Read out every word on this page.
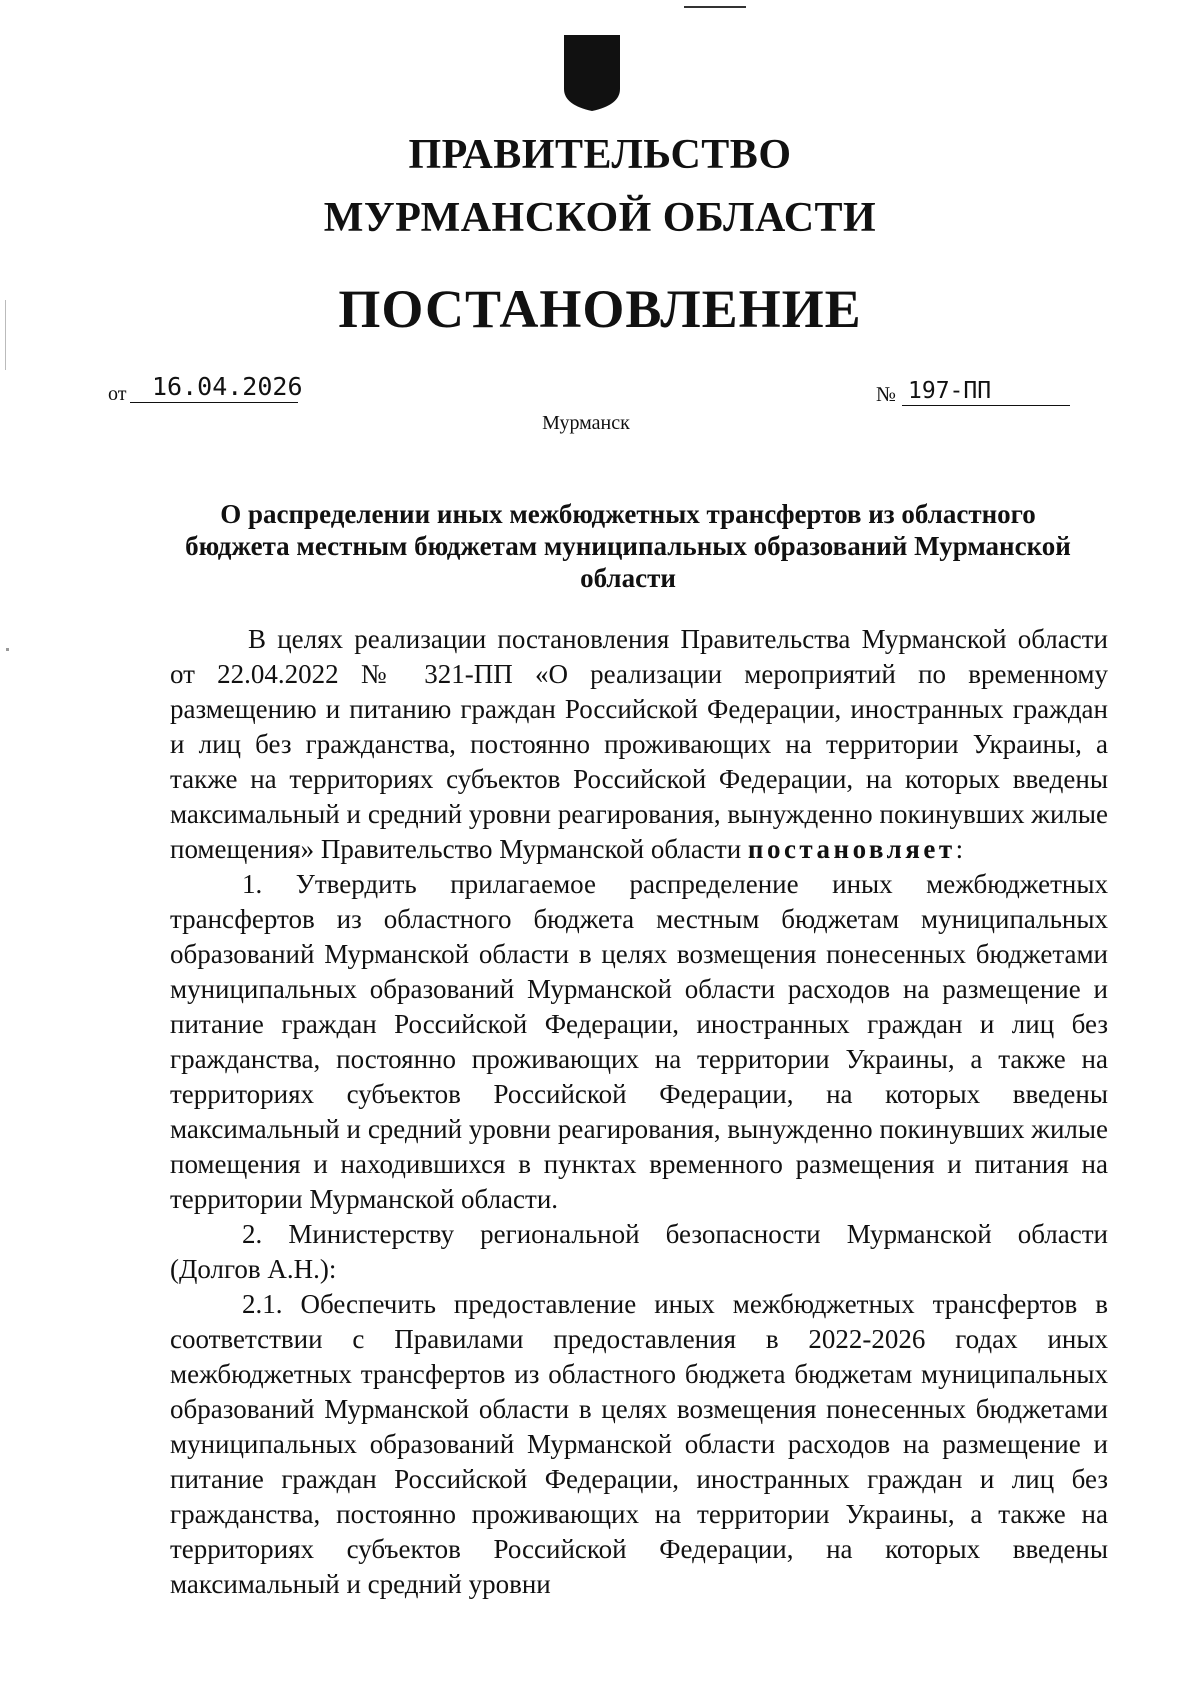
ПРАВИТЕЛЬСТВО
МУРМАНСКОЙ ОБЛАСТИ
ПОСТАНОВЛЕНИЕ
от	16.04.2026	№ 197-ПП
Мурманск
О распределении иных межбюджетных трансфертов из областного бюджета местным бюджетам муниципальных образований Мурманской области

В целях реализации постановления Правительства Мурманской области от 22.04.2022 № 321-ПП «О реализации мероприятий по временному размещению и питанию граждан Российской Федерации, иностранных граждан и лиц без гражданства, постоянно проживающих на территории Украины, а также на территориях субъектов Российской Федерации, на которых введены максимальный и средний уровни реагирования, вынужденно покинувших жилые помещения» Правительство Мурманской области постановляет:

1. Утвердить прилагаемое распределение иных межбюджетных трансфертов из областного бюджета местным бюджетам муниципальных образований Мурманской области в целях возмещения понесенных бюджетами муниципальных образований Мурманской области расходов на размещение и питание граждан Российской Федерации, иностранных граждан и лиц без гражданства, постоянно проживающих на территории Украины, а также на территориях субъектов Российской Федерации, на которых введены максимальный и средний уровни реагирования, вынужденно покинувших жилые помещения и находившихся в пунктах временного размещения и питания на территории Мурманской области.

2. Министерству региональной безопасности Мурманской области (Долгов А.Н.):

2.1. Обеспечить предоставление иных межбюджетных трансфертов в соответствии с Правилами предоставления в 2022-2026 годах иных межбюджетных трансфертов из областного бюджета бюджетам муниципальных образований Мурманской области в целях возмещения понесенных бюджетами муниципальных образований Мурманской области расходов на размещение и питание граждан Российской Федерации, иностранных граждан и лиц без гражданства, постоянно проживающих на территории Украины, а также на территориях субъектов Российской Федерации, на которых введены максимальный и средний уровни
